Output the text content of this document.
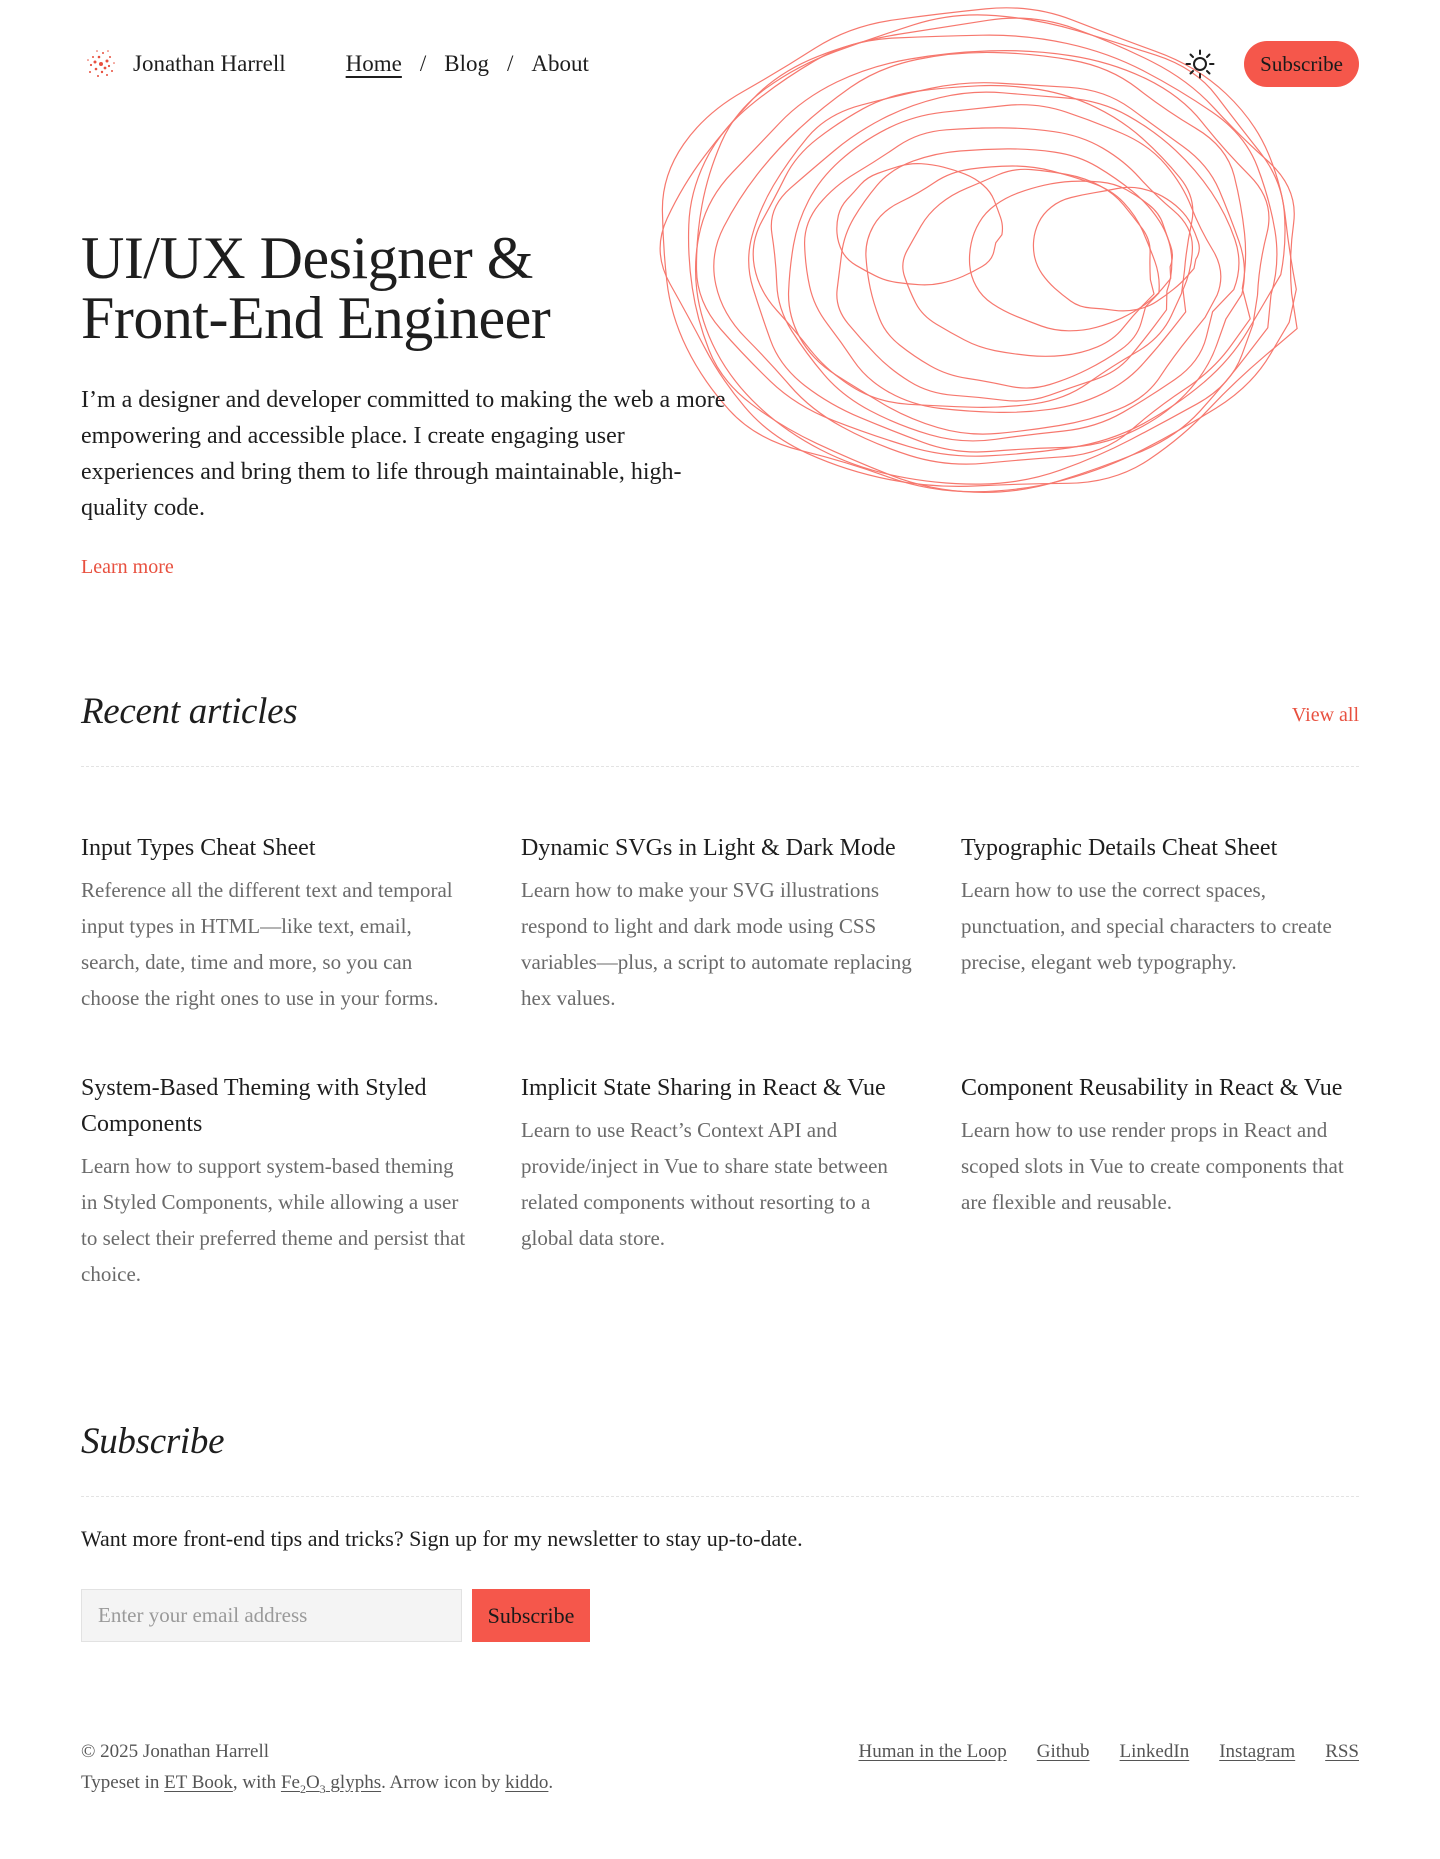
Jonathan Harrell	Home / Blog / About	Subscribe
UI/UX Designer &
Front-End Engineer

I’m a designer and developer committed to making the web a more empowering and accessible place. I create engaging user experiences and bring them to life through maintainable, high-quality code.

Learn more
Recent articles	View all
Input Types Cheat Sheet

Reference all the different text and temporal input types in HTML—like text, email, search, date, time and more, so you can choose the right ones to use in your forms.

Dynamic SVGs in Light & Dark Mode

Learn how to make your SVG illustrations respond to light and dark mode using CSS variables—plus, a script to automate replacing hex values.

Typographic Details Cheat Sheet

Learn how to use the correct spaces, punctuation, and special characters to create precise, elegant web typography.

System-Based Theming with Styled Components

Learn how to support system-based theming in Styled Components, while allowing a user to select their preferred theme and persist that choice.

Implicit State Sharing in React & Vue

Learn to use React’s Context API and provide/inject in Vue to share state between related components without resorting to a global data store.

Component Reusability in React & Vue

Learn how to use render props in React and scoped slots in Vue to create components that are flexible and reusable.

Subscribe

Want more front-end tips and tricks? Sign up for my newsletter to stay up-to-date.

Enter your email address
Subscribe
© 2025 Jonathan Harrell
Typeset in ET Book, with $Fe_2O_3$ glyphs. Arrow icon by kiddo.
Human in the Loop Github LinkedIn Instagram RSS
